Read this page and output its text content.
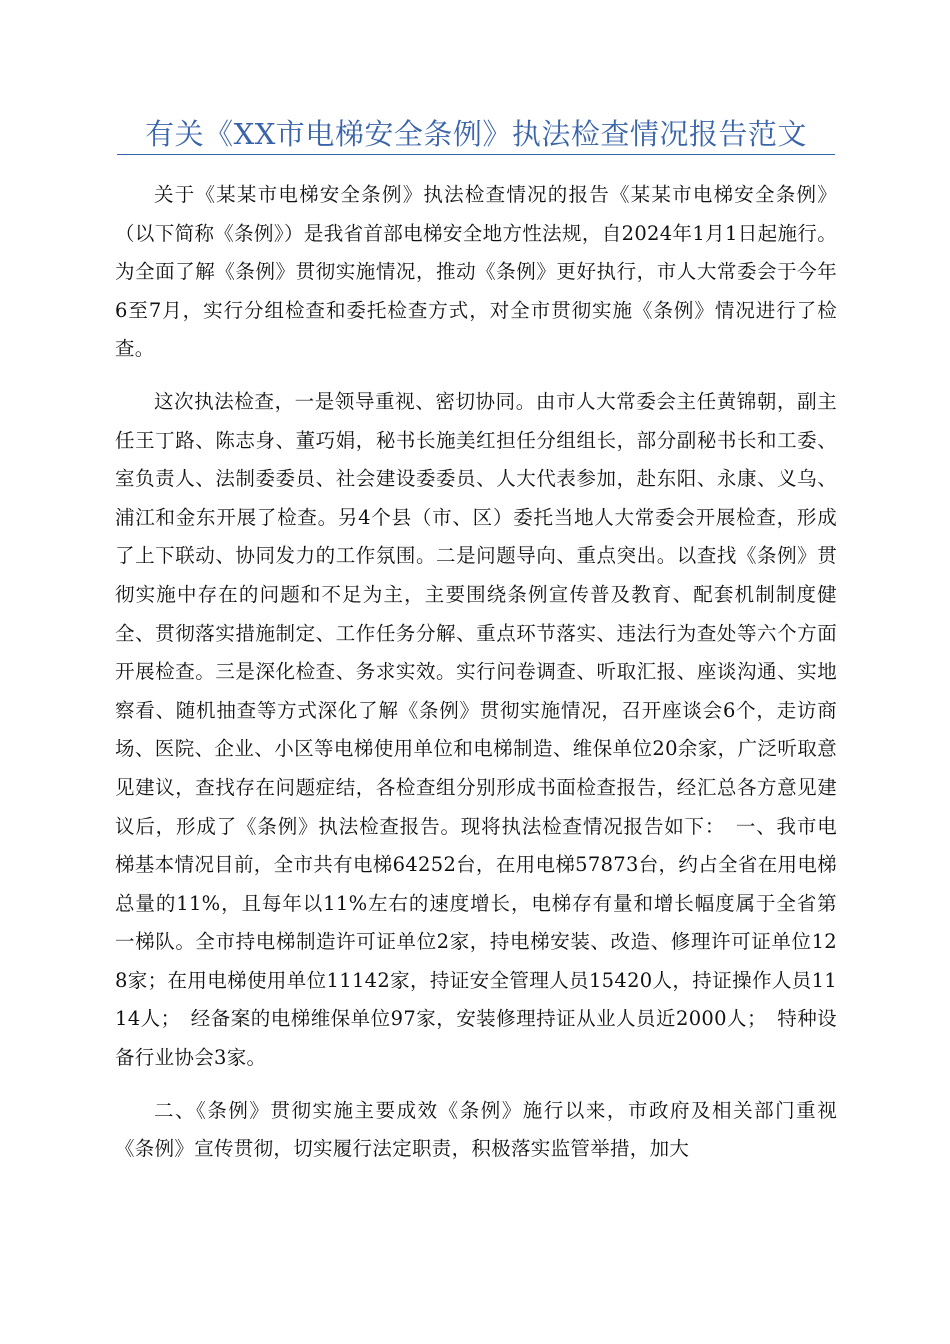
有关《XX市电梯安全条例》执法检查情况报告范文

关于《某某市电梯安全条例》执法检查情况的报告《某某市电梯安全条例》（以下简称《条例》）是我省首部电梯安全地方性法规，自2024年1月1日起施行。为全面了解《条例》贯彻实施情况，推动《条例》更好执行，市人大常委会于今年6至7月，实行分组检查和委托检查方式，对全市贯彻实施《条例》情况进行了检查。

这次执法检查，一是领导重视、密切协同。由市人大常委会主任黄锦朝，副主任王丁路、陈志身、董巧娟，秘书长施美红担任分组组长，部分副秘书长和工委、室负责人、法制委委员、社会建设委委员、人大代表参加，赴东阳、永康、义乌、浦江和金东开展了检查。另4个县（市、区）委托当地人大常委会开展检查，形成了上下联动、协同发力的工作氛围。二是问题导向、重点突出。以查找《条例》贯彻实施中存在的问题和不足为主，主要围绕条例宣传普及教育、配套机制制度健全、贯彻落实措施制定、工作任务分解、重点环节落实、违法行为查处等六个方面开展检查。三是深化检查、务求实效。实行问卷调查、听取汇报、座谈沟通、实地察看、随机抽查等方式深化了解《条例》贯彻实施情况，召开座谈会6个，走访商场、医院、企业、小区等电梯使用单位和电梯制造、维保单位20余家，广泛听取意见建议，查找存在问题症结，各检查组分别形成书面检查报告，经汇总各方意见建议后，形成了《条例》执法检查报告。现将执法检查情况报告如下：　一、我市电梯基本情况目前，全市共有电梯64252台，在用电梯57873台，约占全省在用电梯总量的11%，且每年以11%左右的速度增长，电梯存有量和增长幅度属于全省第一梯队。全市持电梯制造许可证单位2家，持电梯安装、改造、修理许可证单位128家；在用电梯使用单位11142家，持证安全管理人员15420人，持证操作人员1114人；　经备案的电梯维保单位97家，安装修理持证从业人员近2000人；　特种设备行业协会3家。

二、《条例》贯彻实施主要成效《条例》施行以来，市政府及相关部门重视《条例》宣传贯彻，切实履行法定职责，积极落实监管举措，加大
